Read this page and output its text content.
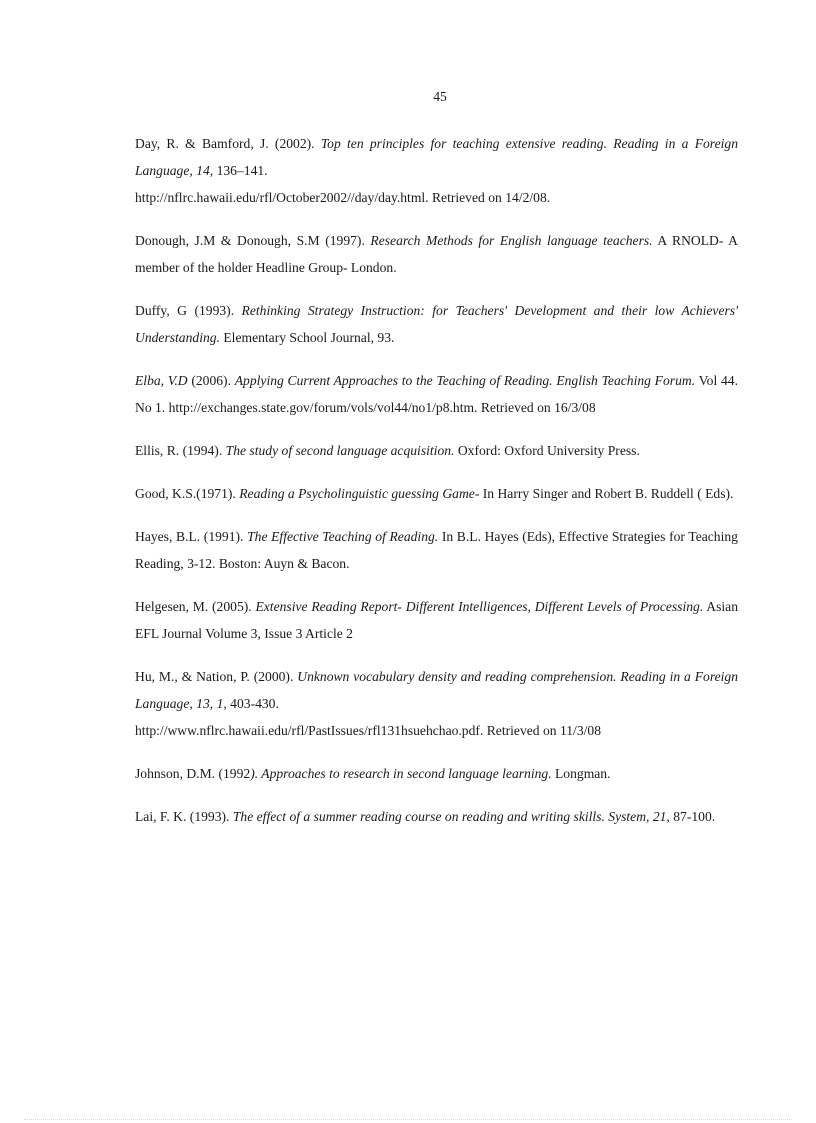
45

Day, R. & Bamford, J. (2002). Top ten principles for teaching extensive reading. Reading in a Foreign Language, 14, 136–141.
http://nflrc.hawaii.edu/rfl/October2002//day/day.html. Retrieved on 14/2/08.

Donough, J.M & Donough, S.M (1997). Research Methods for English language teachers. A RNOLD- A member of the holder Headline Group- London.

Duffy, G (1993). Rethinking Strategy Instruction: for Teachers' Development and their low Achievers' Understanding. Elementary School Journal, 93.

Elba, V.D (2006). Applying Current Approaches to the Teaching of Reading. English Teaching Forum. Vol 44. No 1. http://exchanges.state.gov/forum/vols/vol44/no1/p8.htm. Retrieved on 16/3/08

Ellis, R. (1994). The study of second language acquisition. Oxford: Oxford University Press.

Good, K.S.(1971). Reading a Psycholinguistic guessing Game- In Harry Singer and Robert B. Ruddell ( Eds).

Hayes, B.L. (1991). The Effective Teaching of Reading. In B.L. Hayes (Eds), Effective Strategies for Teaching Reading, 3-12. Boston: Auyn & Bacon.

Helgesen, M. (2005). Extensive Reading Report- Different Intelligences, Different Levels of Processing. Asian EFL Journal Volume 3, Issue 3 Article 2

Hu, M., & Nation, P. (2000). Unknown vocabulary density and reading comprehension. Reading in a Foreign Language, 13, 1, 403-430.
http://www.nflrc.hawaii.edu/rfl/PastIssues/rfl131hsuehchao.pdf. Retrieved on 11/3/08

Johnson, D.M. (1992). Approaches to research in second language learning. Longman.

Lai, F. K. (1993). The effect of a summer reading course on reading and writing skills. System, 21, 87-100.
